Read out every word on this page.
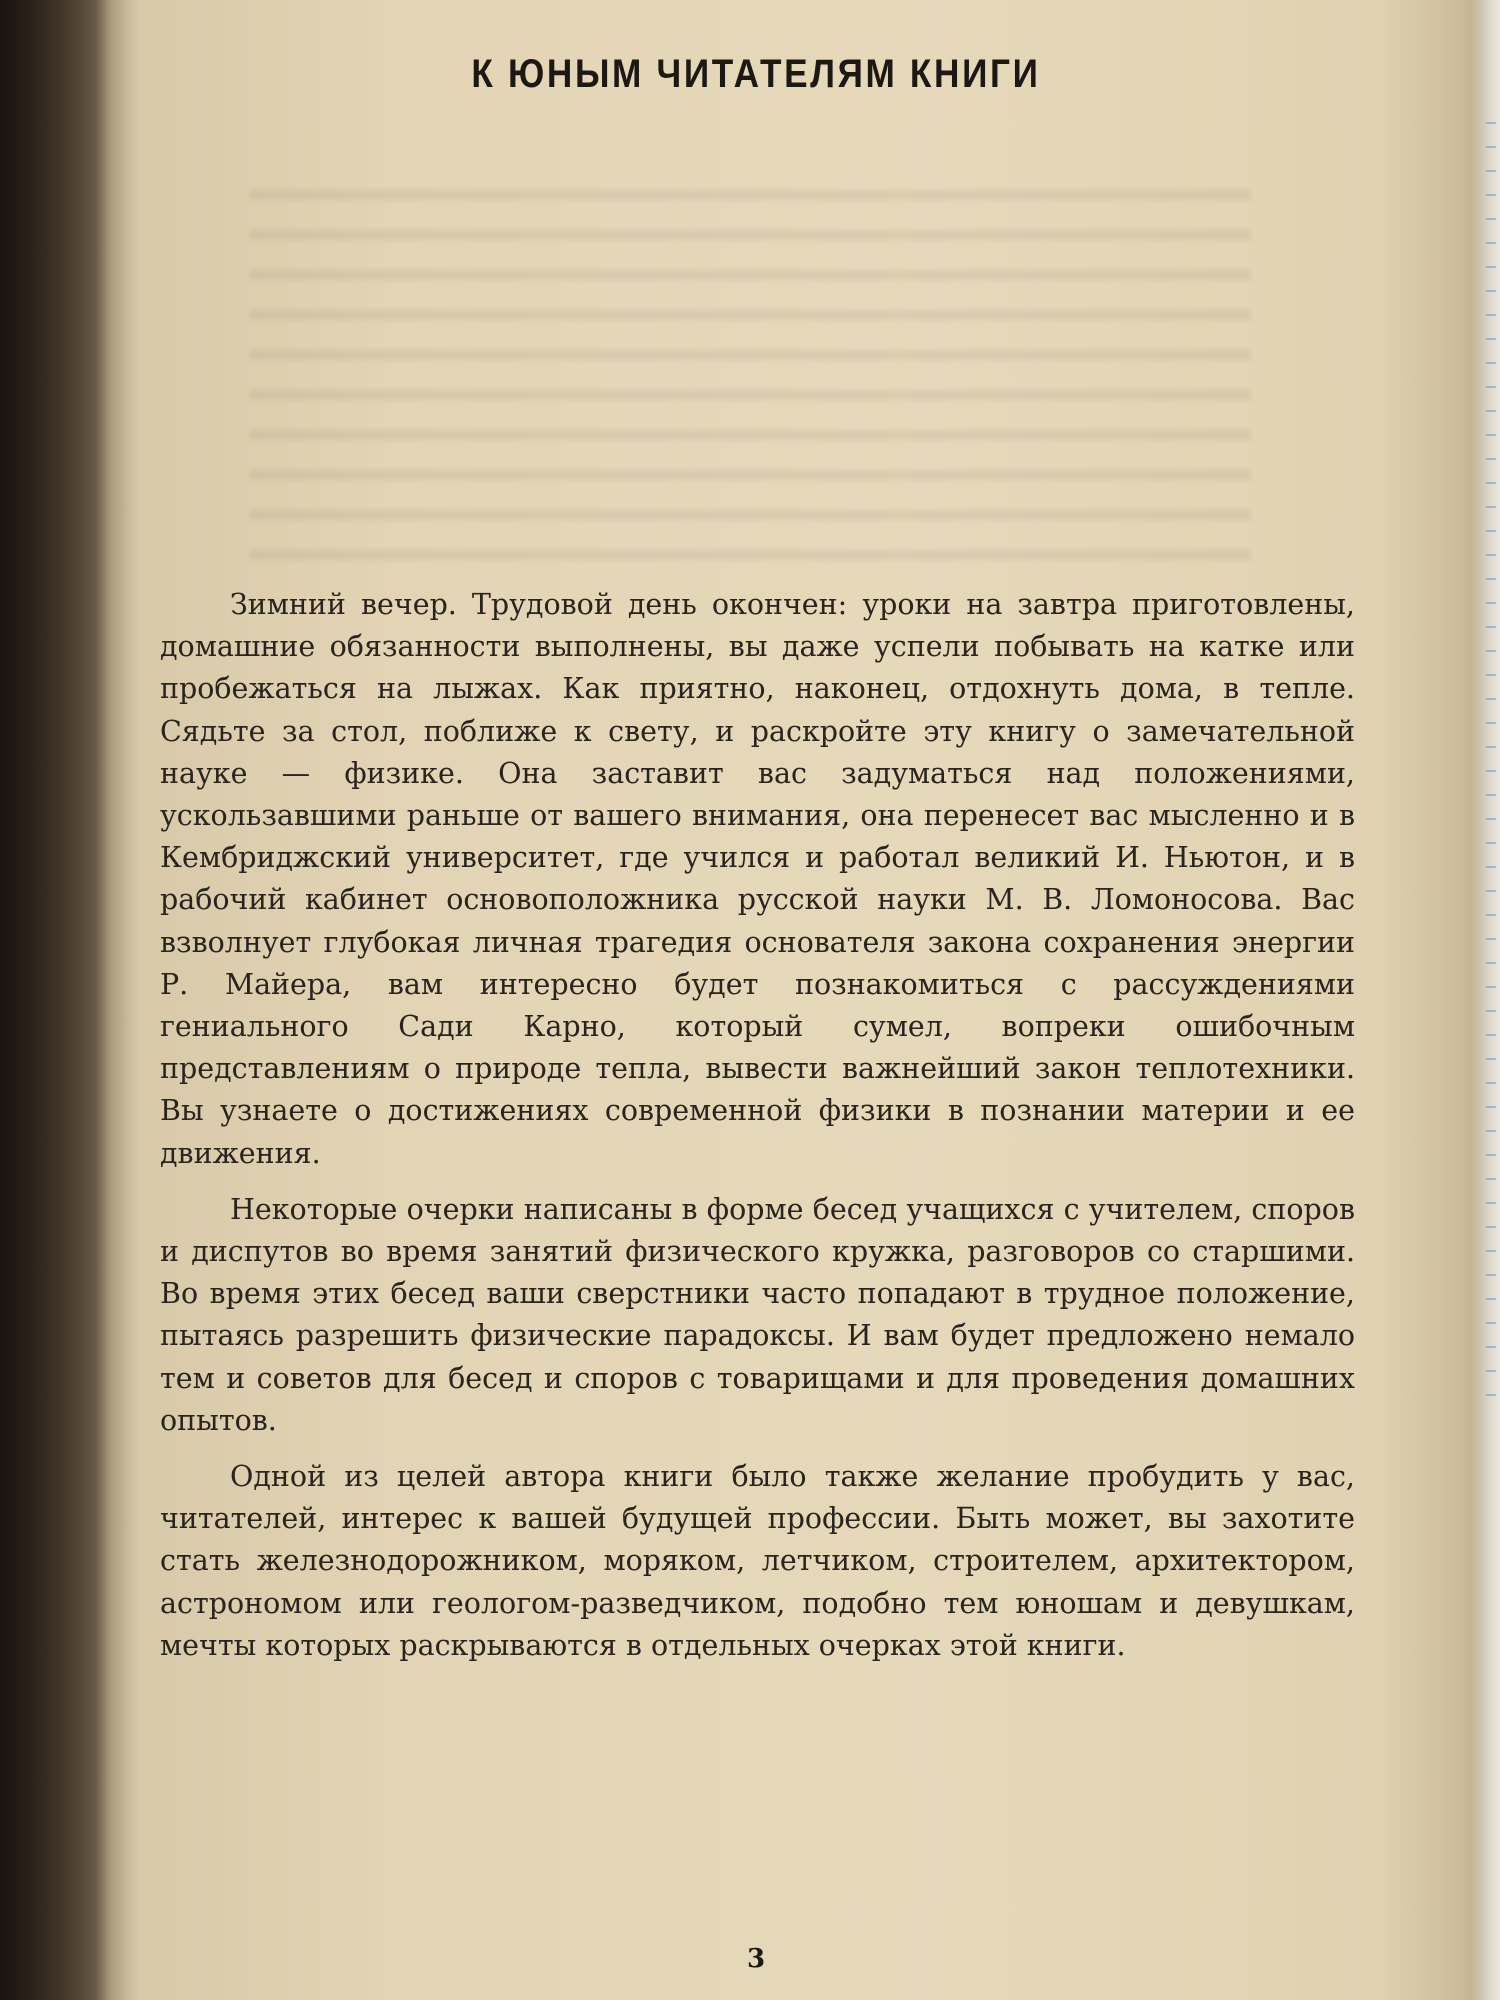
К ЮНЫМ ЧИТАТЕЛЯМ КНИГИ

Зимний вечер. Трудовой день окончен: уроки на завтра приготовлены, домашние обязанности выполнены, вы даже успели побывать на катке или пробежаться на лыжах. Как приятно, наконец, отдохнуть дома, в тепле. Сядьте за стол, поближе к свету, и раскройте эту книгу о замечательной науке — физике. Она заставит вас задуматься над положениями, ускользавшими раньше от вашего внимания, она перенесет вас мысленно и в Кембриджский университет, где учился и работал великий И. Ньютон, и в рабочий кабинет основоположника русской науки М. В. Ломоносова. Вас взволнует глубокая личная трагедия основателя закона сохранения энергии Р. Майера, вам интересно будет познакомиться с рассуждениями гениального Сади Карно, который сумел, вопреки ошибочным представлениям о природе тепла, вывести важнейший закон теплотехники. Вы узнаете о достижениях современной физики в познании материи и ее движения.

Некоторые очерки написаны в форме бесед учащихся с учителем, споров и диспутов во время занятий физического кружка, разговоров со старшими. Во время этих бесед ваши сверстники часто попадают в трудное положение, пытаясь разрешить физические парадоксы. И вам будет предложено немало тем и советов для бесед и споров с товарищами и для проведения домашних опытов.

Одной из целей автора книги было также желание пробудить у вас, читателей, интерес к вашей будущей профессии. Быть может, вы захотите стать железнодорожником, моряком, летчиком, строителем, архитектором, астрономом или геологом-разведчиком, подобно тем юношам и девушкам, мечты которых раскрываются в отдельных очерках этой книги.

3
